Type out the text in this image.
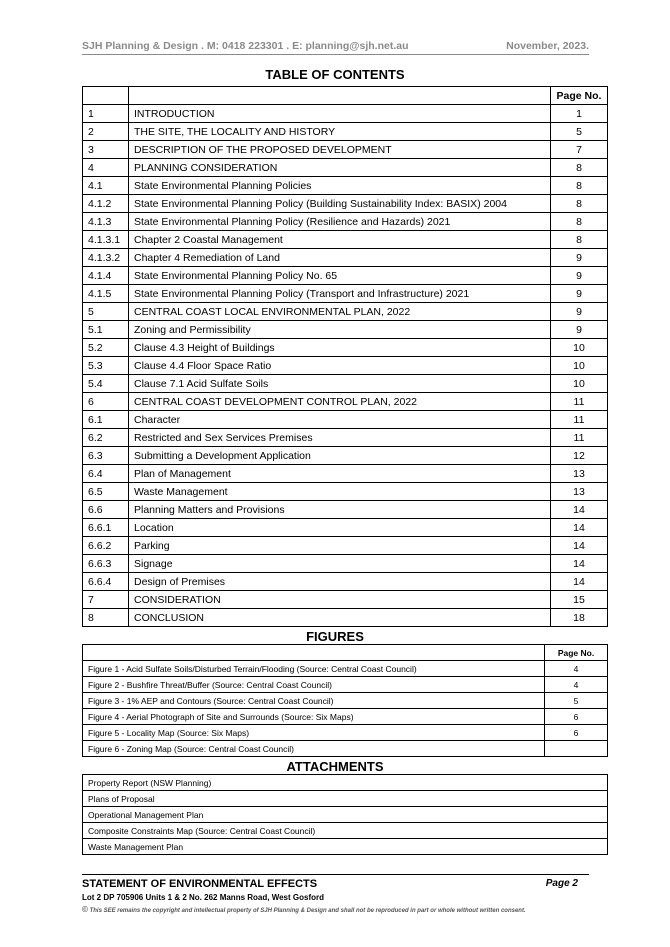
SJH Planning & Design . M: 0418 223301 . E: planning@sjh.net.au	November, 2023.
TABLE OF CONTENTS
		Page No.
1	INTRODUCTION	1
2	THE SITE, THE LOCALITY AND HISTORY	5
3	DESCRIPTION OF THE PROPOSED DEVELOPMENT	7
4	PLANNING CONSIDERATION	8
4.1	State Environmental Planning Policies	8
4.1.2	State Environmental Planning Policy (Building Sustainability Index: BASIX) 2004	8
4.1.3	State Environmental Planning Policy (Resilience and Hazards) 2021	8
4.1.3.1	Chapter 2 Coastal Management	8
4.1.3.2	Chapter 4 Remediation of Land	9
4.1.4	State Environmental Planning Policy No. 65	9
4.1.5	State Environmental Planning Policy (Transport and Infrastructure) 2021	9
5	CENTRAL COAST LOCAL ENVIRONMENTAL PLAN, 2022	9
5.1	Zoning and Permissibility	9
5.2	Clause 4.3 Height of Buildings	10
5.3	Clause 4.4 Floor Space Ratio	10
5.4	Clause 7.1 Acid Sulfate Soils	10
6	CENTRAL COAST DEVELOPMENT CONTROL PLAN, 2022	11
6.1	Character	11
6.2	Restricted and Sex Services Premises	11
6.3	Submitting a Development Application	12
6.4	Plan of Management	13
6.5	Waste Management	13
6.6	Planning Matters and Provisions	14
6.6.1	Location	14
6.6.2	Parking	14
6.6.3	Signage	14
6.6.4	Design of Premises	14
7	CONSIDERATION	15
8	CONCLUSION	18
FIGURES
	Page No.
Figure 1 - Acid Sulfate Soils/Disturbed Terrain/Flooding (Source: Central Coast Council)	4
Figure 2 - Bushfire Threat/Buffer (Source: Central Coast Council)	4
Figure 3 - 1% AEP and Contours (Source: Central Coast Council)	5
Figure 4 - Aerial Photograph of Site and Surrounds (Source: Six Maps)	6
Figure 5 - Locality Map (Source: Six Maps)	6
Figure 6 - Zoning Map (Source: Central Coast Council)	
ATTACHMENTS
Property Report (NSW Planning)
Plans of Proposal
Operational Management Plan
Composite Constraints Map (Source: Central Coast Council)
Waste Management Plan
STATEMENT OF ENVIRONMENTAL EFFECTS	Page 2
Lot 2 DP 705906 Units 1 & 2 No. 262 Manns Road, West Gosford
© This SEE remains the copyright and intellectual property of SJH Planning & Design and shall not be reproduced in part or whole without written consent.
